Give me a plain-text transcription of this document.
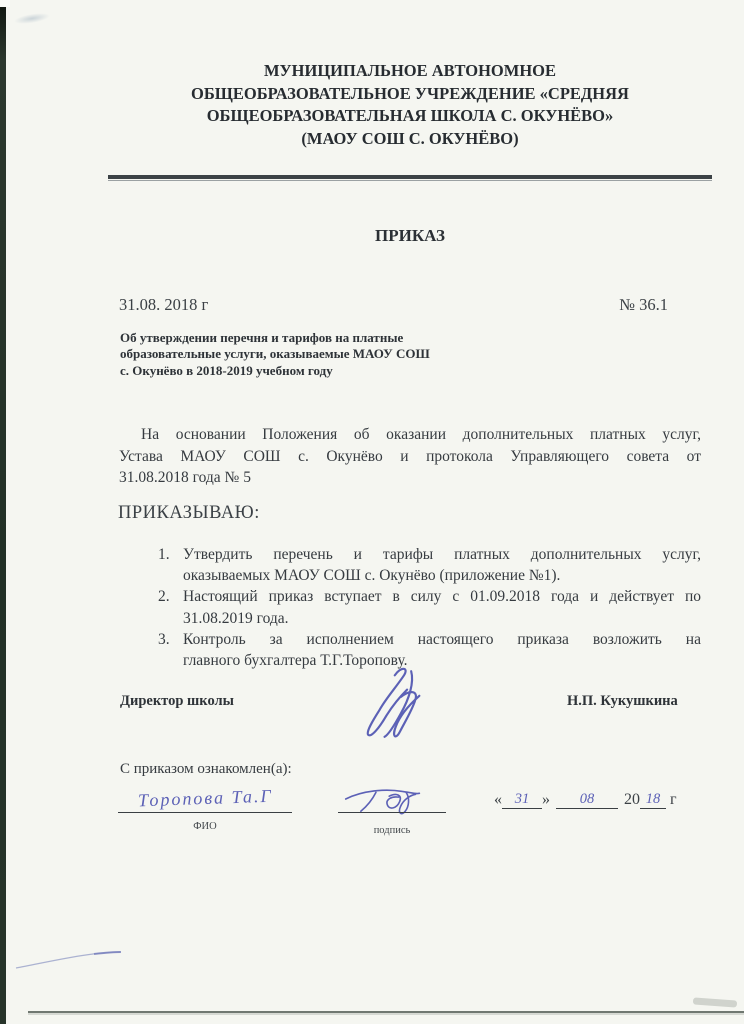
МУНИЦИПАЛЬНОЕ АВТОНОМНОЕ
ОБЩЕОБРАЗОВАТЕЛЬНОЕ УЧРЕЖДЕНИЕ «СРЕДНЯЯ
ОБЩЕОБРАЗОВАТЕЛЬНАЯ ШКОЛА С. ОКУНЁВО»
(МАОУ СОШ С. ОКУНЁВО)
ПРИКАЗ
31.08. 2018 г	№ 36.1
Об утверждении перечня и тарифов на платные
образовательные услуги, оказываемые МАОУ СОШ
с. Окунёво в 2018-2019 учебном году
На основании Положения об оказании дополнительных платных услуг,
Устава МАОУ СОШ с. Окунёво и протокола Управляющего совета от
31.08.2018 года № 5
ПРИКАЗЫВАЮ:
1. Утвердить перечень и тарифы платных дополнительных услуг,
оказываемых МАОУ СОШ с. Окунёво (приложение №1).
2. Настоящий приказ вступает в силу с 01.09.2018 года и действует по
31.08.2019 года.
3. Контроль за исполнением настоящего приказа возложить на
главного бухгалтера Т.Г.Торопову.
Директор школы	Н.П. Кукушкина
С приказом ознакомлен(а):
Торопова Та.Г
ФИО	подпись
« 31 »	08	20 18 г
